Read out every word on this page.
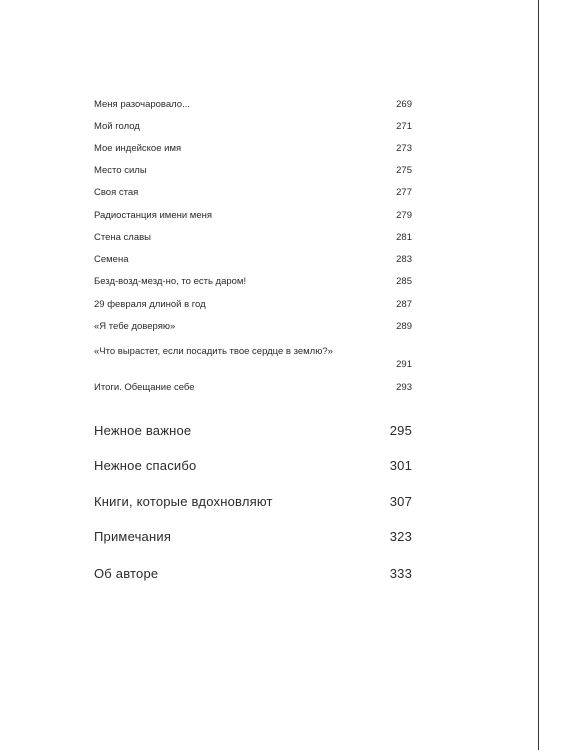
Меня разочаровало...	269
Мой голод	271
Мое индейское имя	273
Место силы	275
Своя стая	277
Радиостанция имени меня	279
Стена славы	281
Семена	283
Безд-возд-мезд-но, то есть даром!	285
29 февраля длиной в год	287
«Я тебе доверяю»	289
«Что вырастет, если посадить твое сердце в землю?»
291
Итоги. Обещание себе	293
Нежное важное	295
Нежное спасибо	301
Книги, которые вдохновляют	307
Примечания	323
Об авторе	333
